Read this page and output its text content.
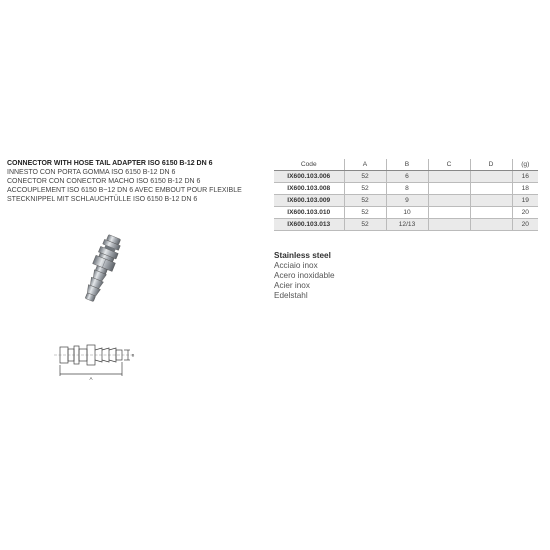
CONNECTOR WITH HOSE TAIL ADAPTER ISO 6150 B-12 DN 6
INNESTO CON PORTA GOMMA ISO 6150 B-12 DN 6
CONECTOR CON CONECTOR MACHO ISO 6150 B-12 DN 6
ACCOUPLEMENT ISO 6150 B~12 DN 6 AVEC EMBOUT POUR FLEXIBLE
STECKNIPPEL MIT SCHLAUCHTÜLLE ISO 6150 B-12 DN 6
Code	A	B	C	D	(g)
IX600.103.006	52	6			16
IX600.103.008	52	8			18
IX600.103.009	52	9			19
IX600.103.010	52	10			20
IX600.103.013	52	12/13			20
Stainless steel
Acciaio inox
Acero inoxidable
Acier inox
Edelstahl
A
B
